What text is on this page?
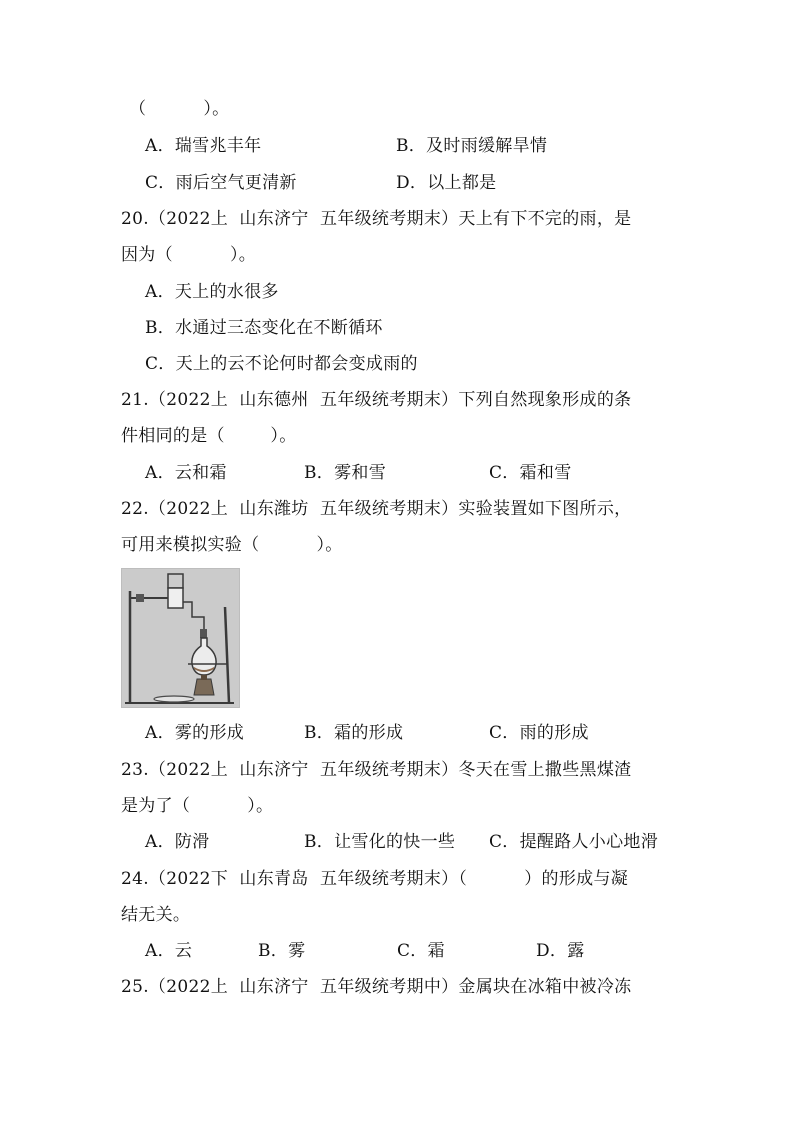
（          ）。
A．瑞雪兆丰年	B．及时雨缓解旱情
C．雨后空气更清新	D．以上都是
20.（2022上  山东济宁  五年级统考期末）天上有下不完的雨，是
因为（          ）。
A．天上的水很多
B．水通过三态变化在不断循环
C．天上的云不论何时都会变成雨的
21.（2022上  山东德州  五年级统考期末）下列自然现象形成的条
件相同的是（        ）。
A．云和霜	B．雾和雪	C．霜和雪
22.（2022上  山东潍坊  五年级统考期末）实验装置如下图所示，
可用来模拟实验（          ）。
A．雾的形成	B．霜的形成	C．雨的形成
23.（2022上  山东济宁  五年级统考期末）冬天在雪上撒些黑煤渣
是为了（          ）。
A．防滑	B．让雪化的快一些 C．提醒路人小心地滑
24.（2022下  山东青岛  五年级统考期末）（          ）的形成与凝
结无关。
A．云	B．雾	C．霜	D．露
25.（2022上  山东济宁  五年级统考期中）金属块在冰箱中被冷冻
